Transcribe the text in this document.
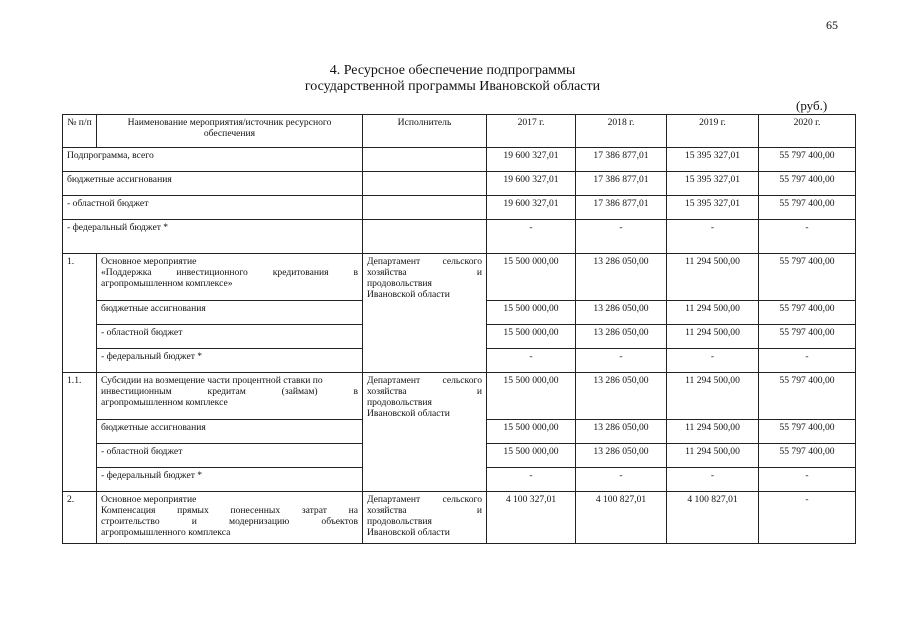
65
4. Ресурсное обеспечение подпрограммы
государственной программы Ивановской области
(руб.)
№ п/п	Наименование мероприятия/источник ресурсного обеспечения	Исполнитель	2017 г.	2018 г.	2019 г.	2020 г.
Подпрограмма, всего			19 600 327,01	17 386 877,01	15 395 327,01	55 797 400,00
бюджетные ассигнования			19 600 327,01	17 386 877,01	15 395 327,01	55 797 400,00
- областной бюджет			19 600 327,01	17 386 877,01	15 395 327,01	55 797 400,00
- федеральный бюджет *			-	-	-	-
1.	Основное мероприятие
«Поддержка инвестиционного кредитования в
агропромышленном комплексе»	Департамент сельского
хозяйства и
продовольствия
Ивановской области	15 500 000,00	13 286 050,00	11 294 500,00	55 797 400,00
	бюджетные ассигнования		15 500 000,00	13 286 050,00	11 294 500,00	55 797 400,00
	- областной бюджет		15 500 000,00	13 286 050,00	11 294 500,00	55 797 400,00
	- федеральный бюджет *		-	-	-	-
1.1.	Субсидии на возмещение части процентной ставки по
инвестиционным кредитам (займам) в
агропромышленном комплексе	Департамент сельского
хозяйства и
продовольствия
Ивановской области	15 500 000,00	13 286 050,00	11 294 500,00	55 797 400,00
	бюджетные ассигнования		15 500 000,00	13 286 050,00	11 294 500,00	55 797 400,00
	- областной бюджет		15 500 000,00	13 286 050,00	11 294 500,00	55 797 400,00
	- федеральный бюджет *		-	-	-	-
2.	Основное мероприятие
Компенсация прямых понесенных затрат на
строительство и модернизацию объектов
агропромышленного комплекса	Департамент сельского
хозяйства и
продовольствия
Ивановской области	4 100 327,01	4 100 827,01	4 100 827,01	-
